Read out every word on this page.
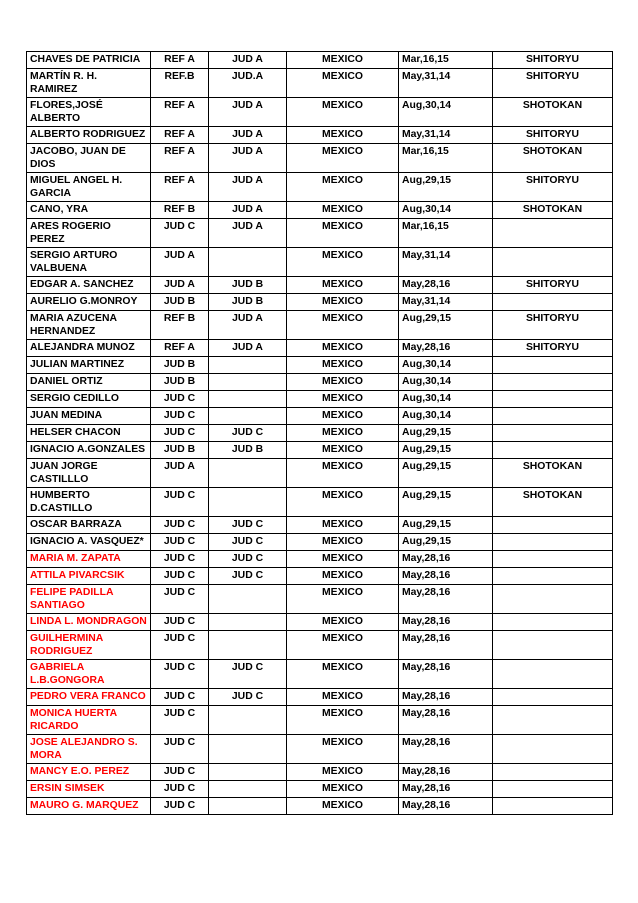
CHAVES DE PATRICIA	REF A	JUD A	MEXICO	Mar,16,15	SHITORYU
MARTÍN R. H. RAMIREZ	REF.B	JUD.A	MEXICO	May,31,14	SHITORYU
FLORES,JOSÉ ALBERTO	REF A	JUD A	MEXICO	Aug,30,14	SHOTOKAN
ALBERTO RODRIGUEZ	REF A	JUD A	MEXICO	May,31,14	SHITORYU
JACOBO, JUAN DE DIOS	REF A	JUD A	MEXICO	Mar,16,15	SHOTOKAN
MIGUEL ANGEL H. GARCIA	REF A	JUD A	MEXICO	Aug,29,15	SHITORYU
CANO, YRA	REF B	JUD A	MEXICO	Aug,30,14	SHOTOKAN
ARES ROGERIO PEREZ	JUD C	JUD A	MEXICO	Mar,16,15	
SERGIO ARTURO VALBUENA	JUD A		MEXICO	May,31,14	
EDGAR A. SANCHEZ	JUD A	JUD B	MEXICO	May,28,16	SHITORYU
AURELIO G.MONROY	JUD B	JUD B	MEXICO	May,31,14	
MARIA AZUCENA HERNANDEZ	REF B	JUD A	MEXICO	Aug,29,15	SHITORYU
ALEJANDRA MUNOZ	REF A	JUD A	MEXICO	May,28,16	SHITORYU
JULIAN MARTINEZ	JUD B		MEXICO	Aug,30,14	
DANIEL ORTIZ	JUD B		MEXICO	Aug,30,14	
SERGIO CEDILLO	JUD C		MEXICO	Aug,30,14	
JUAN MEDINA	JUD C		MEXICO	Aug,30,14	
HELSER CHACON	JUD C	JUD C	MEXICO	Aug,29,15	
IGNACIO A.GONZALES	JUD B	JUD B	MEXICO	Aug,29,15	
JUAN JORGE CASTILLLO	JUD A		MEXICO	Aug,29,15	SHOTOKAN
HUMBERTO D.CASTILLO	JUD C		MEXICO	Aug,29,15	SHOTOKAN
OSCAR BARRAZA	JUD C	JUD C	MEXICO	Aug,29,15	
IGNACIO A. VASQUEZ*	JUD C	JUD C	MEXICO	Aug,29,15	
MARIA M. ZAPATA	JUD C	JUD C	MEXICO	May,28,16	
ATTILA PIVARCSIK	JUD C	JUD C	MEXICO	May,28,16	
FELIPE PADILLA SANTIAGO	JUD C		MEXICO	May,28,16	
LINDA L. MONDRAGON	JUD C		MEXICO	May,28,16	
GUILHERMINA RODRIGUEZ	JUD C		MEXICO	May,28,16	
GABRIELA L.B.GONGORA	JUD C	JUD C	MEXICO	May,28,16	
PEDRO VERA FRANCO	JUD C	JUD C	MEXICO	May,28,16	
MONICA HUERTA RICARDO	JUD C		MEXICO	May,28,16	
JOSE ALEJANDRO S. MORA	JUD C		MEXICO	May,28,16	
MANCY E.O. PEREZ	JUD C		MEXICO	May,28,16	
ERSIN SIMSEK	JUD C		MEXICO	May,28,16	
MAURO G. MARQUEZ	JUD C		MEXICO	May,28,16	
